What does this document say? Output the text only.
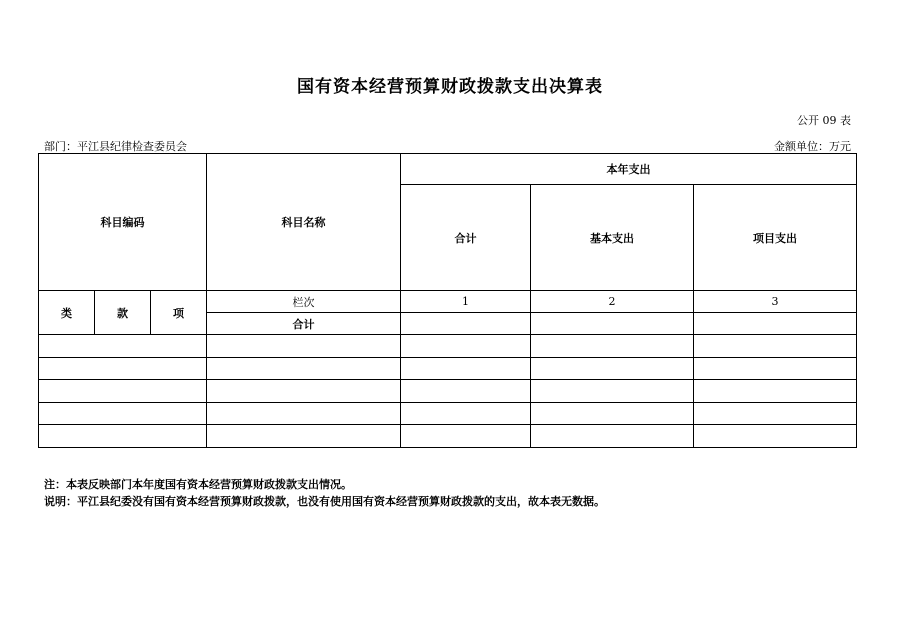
国有资本经营预算财政拨款支出决算表
公开 09 表
部门：平江县纪律检查委员会	金额单位：万元
科目编码			科目名称	本年支出		
				合计	基本支出	项目支出
类	款	项	栏次	1	2	3
			合计			

注：本表反映部门本年度国有资本经营预算财政拨款支出情况。
说明：平江县纪委没有国有资本经营预算财政拨款，也没有使用国有资本经营预算财政拨款的支出，故本表无数据。
